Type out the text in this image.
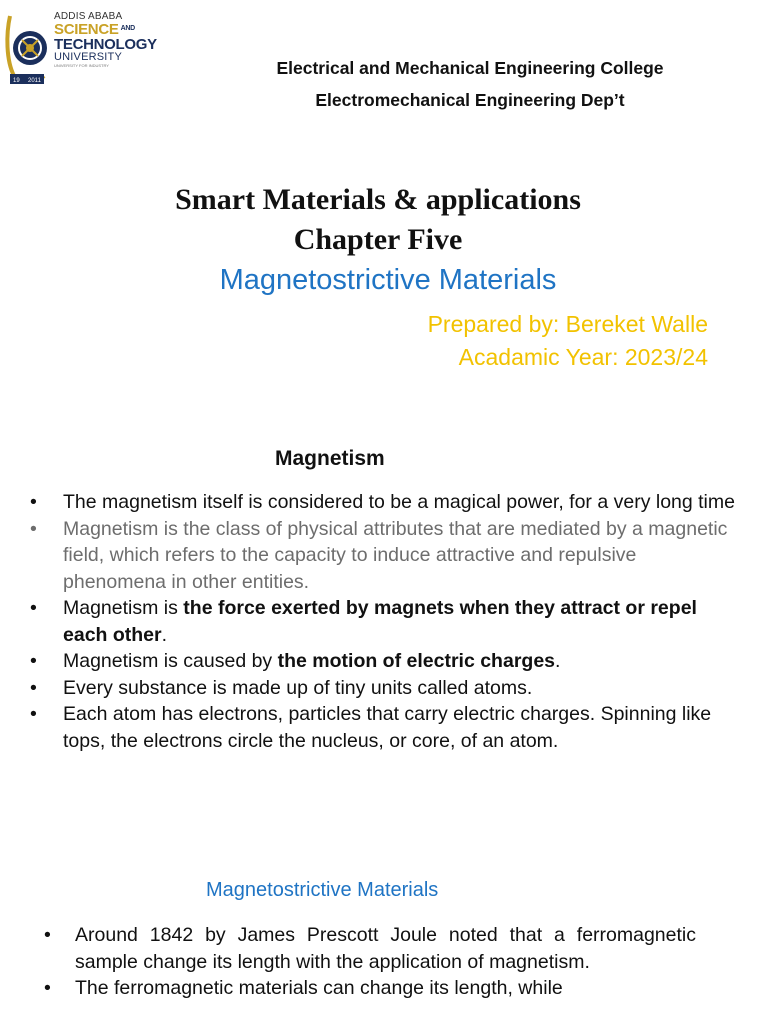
19 2011
ADDIS ABABA
SCIENCE $^{AND}$
TECHNOLOGY
UNIVERSITY
UNIVERSITY FOR INDUSTRY	Electrical and Mechanical Engineering College
Electromechanical Engineering Dep’t
Smart Materials & applications
Chapter Five
Magnetostrictive Materials
Prepared by: Bereket Walle
Acadamic Year: 2023/24
Magnetism
• The magnetism itself is considered to be a magical power, for a very long time
• Magnetism is the class of physical attributes that are mediated by a magnetic field, which refers to the capacity to induce attractive and repulsive phenomena in other entities.
• Magnetism is the force exerted by magnets when they attract or repel each other.
• Magnetism is caused by the motion of electric charges.
• Every substance is made up of tiny units called atoms.
• Each atom has electrons, particles that carry electric charges. Spinning like tops, the electrons circle the nucleus, or core, of an atom.
Magnetostrictive Materials
• Around 1842 by James Prescott Joule noted that a ferromagnetic sample change its length with the application of magnetism.
• The ferromagnetic materials can change its length, while
